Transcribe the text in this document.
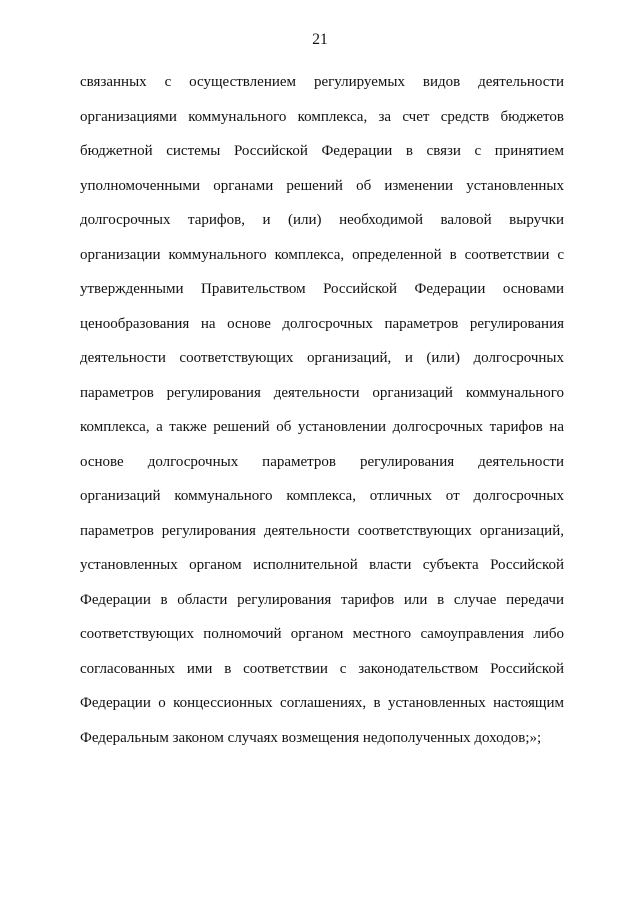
21
связанных с осуществлением регулируемых видов деятельности
организациями коммунального комплекса, за счет средств бюджетов
бюджетной системы Российской Федерации в связи с принятием
уполномоченными органами решений об изменении установленных
долгосрочных тарифов, и (или) необходимой валовой выручки
организации коммунального комплекса, определенной в соответствии с
утвержденными Правительством Российской Федерации основами
ценообразования на основе долгосрочных параметров регулирования
деятельности соответствующих организаций, и (или) долгосрочных
параметров регулирования деятельности организаций коммунального
комплекса, а также решений об установлении долгосрочных тарифов на
основе долгосрочных параметров регулирования деятельности
организаций коммунального комплекса, отличных от долгосрочных
параметров регулирования деятельности соответствующих организаций,
установленных органом исполнительной власти субъекта Российской
Федерации в области регулирования тарифов или в случае передачи
соответствующих полномочий органом местного самоуправления либо
согласованных ими в соответствии с законодательством Российской
Федерации о концессионных соглашениях, в установленных настоящим
Федеральным законом случаях возмещения недополученных доходов;»;
